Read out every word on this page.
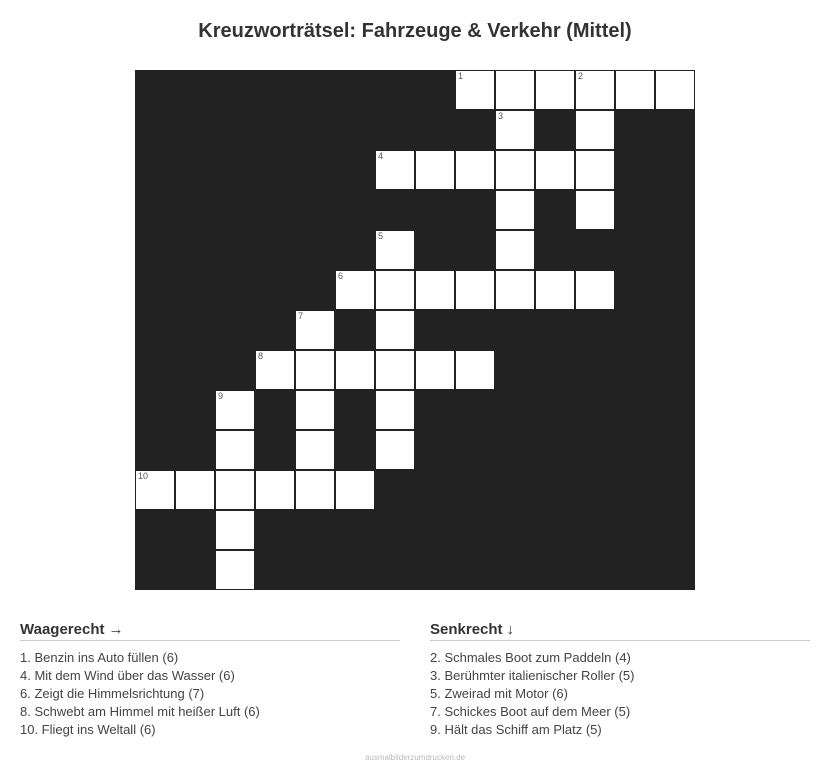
Kreuzworträtsel: Fahrzeuge & Verkehr (Mittel)
1	2
3
4
5
6
7
8
9
10
Waagerecht →
1. Benzin ins Auto füllen (6)
4. Mit dem Wind über das Wasser (6)
6. Zeigt die Himmelsrichtung (7)
8. Schwebt am Himmel mit heißer Luft (6)
10. Fliegt ins Weltall (6)
Senkrecht ↓
2. Schmales Boot zum Paddeln (4)
3. Berühmter italienischer Roller (5)
5. Zweirad mit Motor (6)
7. Schickes Boot auf dem Meer (5)
9. Hält das Schiff am Platz (5)
ausmalbilderzumdrucken.de
